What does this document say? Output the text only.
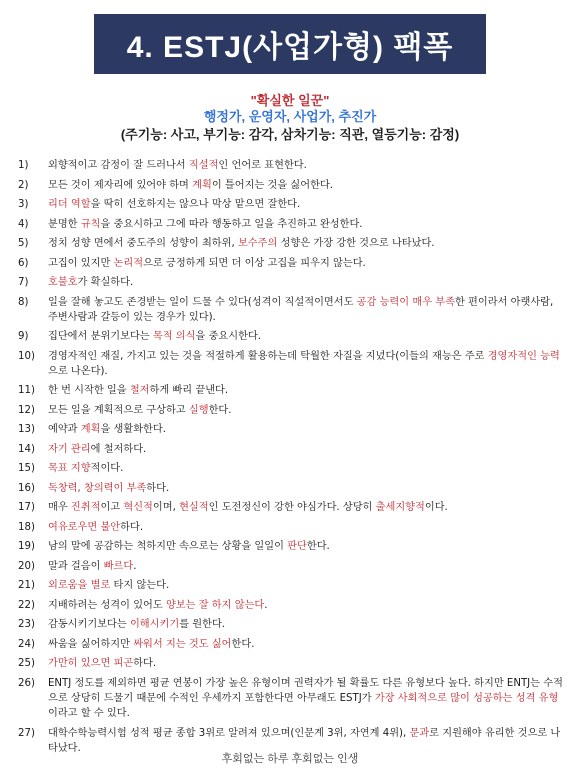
4. ESTJ(사업가형) 팩폭
"확실한 일꾼"
행정가, 운영자, 사업가, 추진가
(주기능: 사고, 부기능: 감각, 삼차기능: 직관, 열등기능: 감정)
1)	외향적이고 감정이 잘 드러나서 직설적인 언어로 표현한다.
2)	모든 것이 제자리에 있어야 하며 계획이 틀어지는 것을 싫어한다.
3)	리더 역할을 딱히 선호하지는 않으나 막상 맡으면 잘한다.
4)	분명한 규칙을 중요시하고 그에 따라 행동하고 일을 추진하고 완성한다.
5)	정치 성향 면에서 중도주의 성향이 최하위, 보수주의 성향은 가장 강한 것으로 나타났다.
6)	고집이 있지만 논리적으로 긍정하게 되면 더 이상 고집을 피우지 않는다.
7)	호불호가 확실하다.
8)	일을 잘해 놓고도 존경받는 일이 드물 수 있다(성격이 직설적이면서도 공감 능력이 매우 부족한 편이라서 아랫사람, 주변사람과 갈등이 있는 경우가 있다).
9)	집단에서 분위기보다는 목적 의식을 중요시한다.
10)	경영자적인 재질, 가지고 있는 것을 적절하게 활용하는데 탁월한 자질을 지녔다(이들의 재능은 주로 경영자적인 능력으로 나온다).
11)	한 번 시작한 일을 철저하게 빠리 끝낸다.
12)	모든 일을 계획적으로 구상하고 실행한다.
13)	예약과 계획을 생활화한다.
14)	자기 관리에 철저하다.
15)	목표 지향적이다.
16)	독창력, 창의력이 부족하다.
17)	매우 진취적이고 혁신적이며, 현실적인 도전정신이 강한 야심가다. 상당히 출세지향적이다.
18)	여유로우면 불안하다.
19)	남의 말에 공감하는 척하지만 속으로는 상황을 일일이 판단한다.
20)	말과 걸음이 빠르다.
21)	외로움을 별로 타지 않는다.
22)	지배하려는 성격이 있어도 양보는 잘 하지 않는다.
23)	감동시키기보다는 이해시키기를 원한다.
24)	싸움을 싫어하지만 싸워서 지는 것도 싫어한다.
25)	가만히 있으면 피곤하다.
26)	ENTJ 정도를 제외하면 평균 연봉이 가장 높은 유형이며 권력자가 될 확률도 다른 유형보다 높다. 하지만 ENTJ는 수적으로 상당히 드물기 때문에 수적인 우세까지 포함한다면 아무래도 ESTJ가 가장 사회적으로 많이 성공하는 성격 유형이라고 할 수 있다.
27)	대학수학능력시험 성적 평균 종합 3위로 알려져 있으며(인문계 3위, 자연계 4위), 문과로 지원해야 유리한 것으로 나타났다.
후회없는 하루 후회없는 인생
